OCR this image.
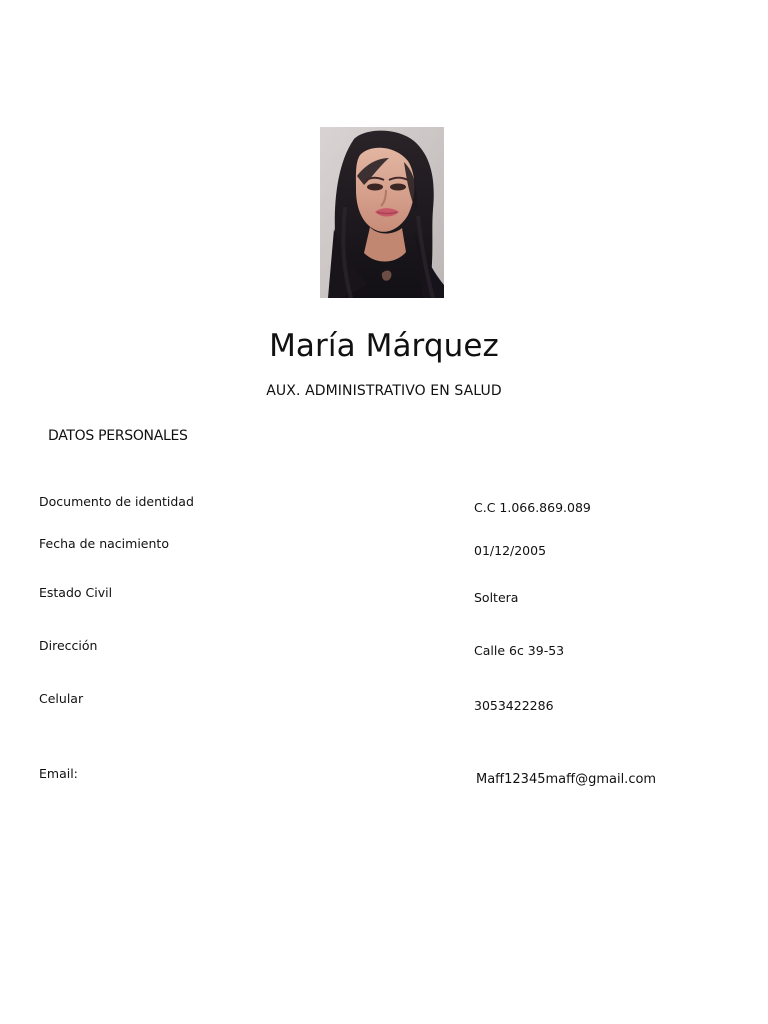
María Márquez
AUX. ADMINISTRATIVO EN SALUD
DATOS PERSONALES
Documento de identidad	C.C 1.066.869.089
Fecha de nacimiento	01/12/2005
Estado Civil	Soltera
Dirección	Calle 6c 39-53
Celular	3053422286
Email:	Maff12345maff@gmail.com
